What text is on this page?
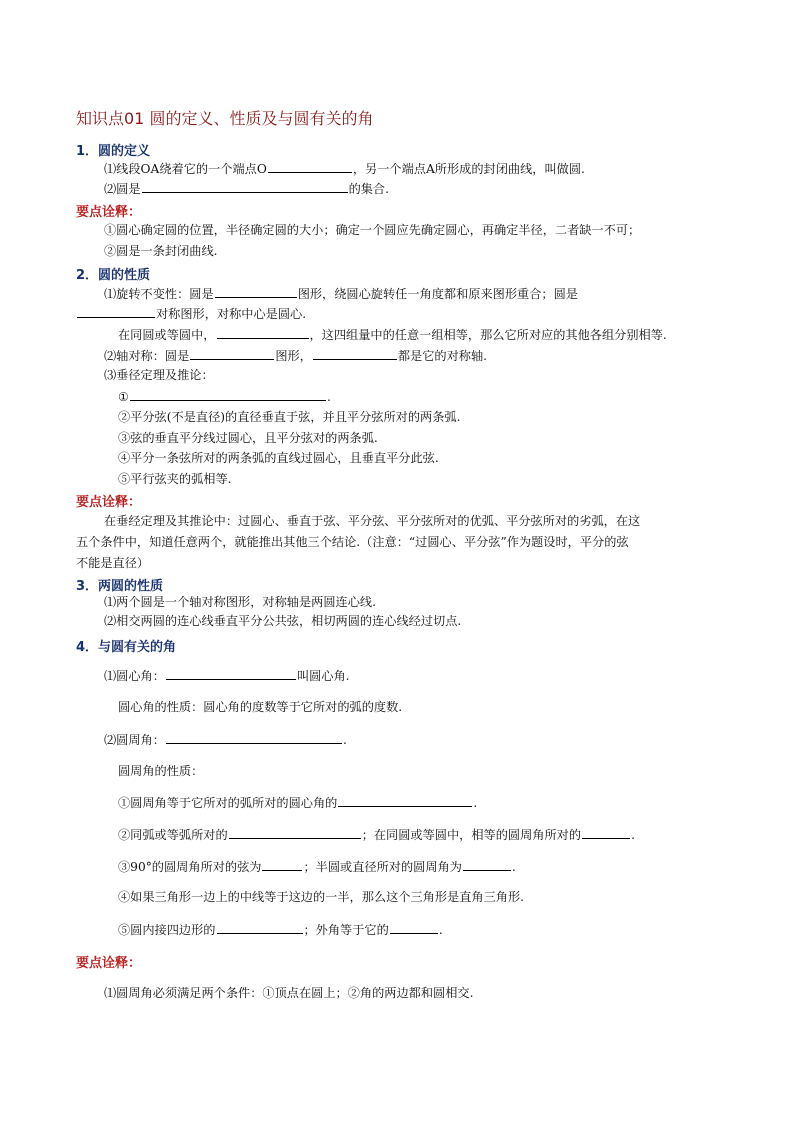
知识点01 圆的定义、性质及与圆有关的角
1．圆的定义
⑴线段OA绕着它的一个端点O	，另一个端点A所形成的封闭曲线，叫做圆.
⑵圆是	的集合.
要点诠释：
①圆心确定圆的位置，半径确定圆的大小；确定一个圆应先确定圆心，再确定半径，二者缺一不可；
②圆是一条封闭曲线.
2．圆的性质
⑴旋转不变性：圆是	图形，绕圆心旋转任一角度都和原来图形重合；圆是
对称图形，对称中心是圆心.
在同圆或等圆中，	，这四组量中的任意一组相等，那么它所对应的其他各组分别相等.
⑵轴对称：圆是	图形，	都是它的对称轴.
⑶垂径定理及推论：
①	.
②平分弦(不是直径)的直径垂直于弦，并且平分弦所对的两条弧.
③弦的垂直平分线过圆心，且平分弦对的两条弧.
④平分一条弦所对的两条弧的直线过圆心，且垂直平分此弦.
⑤平行弦夹的弧相等.
要点诠释：
在垂经定理及其推论中：过圆心、垂直于弦、平分弦、平分弦所对的优弧、平分弦所对的劣弧，在这
五个条件中，知道任意两个，就能推出其他三个结论.（注意：“过圆心、平分弦”作为题设时，平分的弦
不能是直径）
3．两圆的性质
⑴两个圆是一个轴对称图形，对称轴是两圆连心线.
⑵相交两圆的连心线垂直平分公共弦，相切两圆的连心线经过切点.
4．与圆有关的角
⑴圆心角：	叫圆心角.
圆心角的性质：圆心角的度数等于它所对的弧的度数.
⑵圆周角：	.
圆周角的性质：
①圆周角等于它所对的弧所对的圆心角的	.
②同弧或等弧所对的	；在同圆或等圆中，相等的圆周角所对的	.
③90°的圆周角所对的弦为	；半圆或直径所对的圆周角为	.
④如果三角形一边上的中线等于这边的一半，那么这个三角形是直角三角形.
⑤圆内接四边形的	；外角等于它的	.
要点诠释：
⑴圆周角必须满足两个条件：①顶点在圆上；②角的两边都和圆相交.
